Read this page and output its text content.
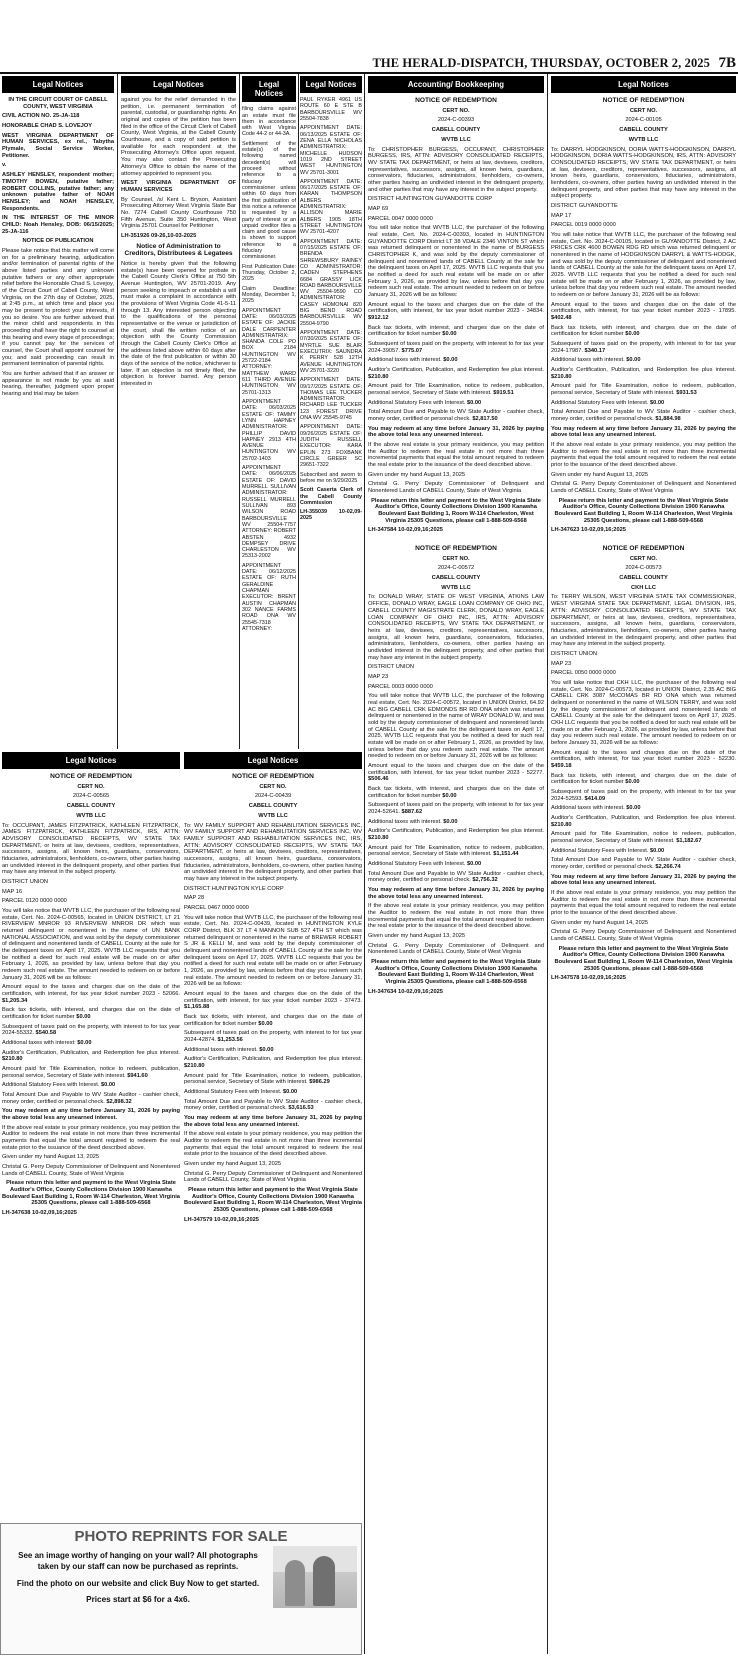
THE HERALD-DISPATCH, THURSDAY, OCTOBER 2, 2025 7B
Legal Notices
IN THE CIRCUIT COURT OF CABELL COUNTY, WEST VIRGINIA
CIVIL ACTION NO. 25-JA-118
HONORABLE CHAD S. LOVEJOY
WEST VIRGINIA DEPARTMENT OF HUMAN SERVICES, ex rel., Tabytha Plymale, Social Service Worker, Petitioner.
v.
ASHLEY HENSLEY, respondent mother; TIMOTHY BOWEN, putative father; ROBERT COLLINS, putative father; any unknown putative father of NOAH HENSLEY; and NOAH HENSLEY, Respondents.
IN THE INTEREST OF THE MINOR CHILD: Noah Hensley, DOB: 06/15/2025; 25-JA-116
NOTICE OF PUBLICATION
Please take notice that this matter will come on for a preliminary hearing, adjudication and/or termination of parental rights of the above listed parties and any unknown putative fathers or any other appropriate relief before the Honorable Chad S. Lovejoy, of the Circuit Court of Cabell County, West Virginia, on the 27th day of October, 2025, at 2:45 p.m., at which time and place you may be present to protect your interests, if you so desire. You are further advised that the minor child and respondents in this proceeding shall have the right to counsel at this hearing and every stage of proceedings; if you cannot pay for the services of counsel, the Court shall appoint counsel for you; and said proceeding can result in permanent termination of parental rights.
You are further advised that if an answer or appearance is not made by you at said hearing, thereafter, judgment upon proper hearing and trial may be taken
Legal Notices
against you for the relief demanded in the petition, i.e. permanent termination of parental, custodial, or guardianship rights. An original and copies of the petition has been filed in the office of the Circuit Clerk of Cabell County, West Virginia, at the Cabell County Courthouse, and a copy of said petition is available for each respondent at the Prosecuting Attorney's Office upon request. You may also contact the Prosecuting Attorney's Office to obtain the name of the attorney appointed to represent you.
WEST VIRGINIA DEPARTMENT OF HUMAN SERVICES
By Counsel, /s/ Kent L. Bryson, Assistant Prosecuting Attorney West Virginia State Bar No. 7274 Cabell County Courthouse 750 Fifth Avenue, Suite 350 Huntington, West Virginia 25701 Counsel for Petitioner
LH-351926 09-26,10-03-2025
Notice of Administration to Creditors, Distributees & Legatees
Notice is hereby given that the following estate(s) have been opened for probate in the Cabell County Clerk's Office at 750 5th Avenue Huntington, WV 25701-2019. Any person seeking to impeach or establish a will must make a complaint in accordance with the provisions of West Virginia Code 41-5-11 through 13. Any interested person objecting to the qualifications of the personal representative or the venue or jurisdiction of the court, shall file written notice of an objection with the County Commission through the Cabell County Clerk's Office at the address listed above within 60 days after the date of the first publication or within 30 days of the service of the notice, whichever is later. If an objection is not timely filed, the objection is forever barred. Any person interested in
Legal Notices
filing claims against an estate must file them in accordance with West Virginia Code 44-2 or 44-3A.
Settlement of the estate(s) of the following named decedent(s) will proceed without reference to a fiduciary commissioner unless within 60 days from the first publication of this notice a reference is requested by a party of interest or an unpaid creditor files a claim and good cause is shown to support reference to a fiduciary commissioner.
First Publication Date: Thursday, October 2, 2025
Claim Deadline: Monday, December 1, 2025
APPOINTMENT DATE: 06/03/2025 ESTATE OF: JACKIE DALE CARPENTER ADMINISTRATRIX: SHANDA COLE PO BOX 2184 HUNTINGTON WV 25722-2184 ATTORNEY: MATTHEW WARD 611 THIRD AVENUE HUNTINGTON WV 25701-1313
APPOINTMENT DATE: 06/03/2025 ESTATE OF: TAMMY LYNN HAPNEY ADMINISTRATOR: PHILLIP DAVID HAPNEY 2913 4TH AVENUE HUNTINGTON WV 25702-1403
APPOINTMENT DATE: 06/06/2025 ESTATE OF: DAVID MURRELL SULLIVAN ADMINISTRATOR: RUSSELL MURRELL SULLIVAN 893 WILSON ROAD BARBOURSVILLE WV 25504-7757 ATTORNEY: ROBERT ABSTEN 4932 DEMPSEY DRIVE CHARLESTON WV 25313-2002
APPOINTMENT DATE: 06/12/2025 ESTATE OF: RUTH GERALDINE CHAPMAN EXECUTOR: BRENT AUSTIN CHAPMAN 302 NANCE FARMS ROAD ONA WV 25545-7318 ATTORNEY:
Legal Notices
PAUL RYKER 4961 US ROUTE 60 E STE B BARBOURSVILLE WV 25504-7838
APPOINTMENT DATE: 06/13/2025 ESTATE OF: ZENA ELLA NICHOLAS ADMINISTRATRIX: MICHELLE HUDSON 1019 2ND STREET WEST HUNTINGTON WV 25701-3001
APPOINTMENT DATE: 06/17/2025 ESTATE OF: KARAN THOMPSON ALBERS ADMINISTRATRIX: ALLISON MARIE ALBERS 1905 18TH STREET HUNTINGTON WV 25701-4207
APPOINTMENT DATE: 07/15/2025 ESTATE OF: BRENDA SHREWSBURY RAINEY CO ADMINISTRATOR: CADEN STEPHENS 6684 GRASSY LICK ROAD BARBOURSVILLE WV 25504-9590 CO ADMINISTRATOR: CASEY HOMONAI 820 BIG BEND ROAD BARBOURSVILLE WV 25504-9790
APPOINTMENT DATE: 07/30/2025 ESTATE OF: MYRTLE SUE BLAIR EXECUTRIX: SAUNDRA K PERRY 528 12TH AVENUE HUNTINGTON WV 25701-3220
APPOINTMENT DATE: 09/17/2025 ESTATE OF: THOMAS LEE TUCKER ADMINISTRATOR: RICHARD LEE TUCKER 123 FOREST DRIVE ONA WV 25545-9745
APPOINTMENT DATE: 09/26/2025 ESTATE OF: JUDITH RUSSELL EXECUTOR: KARA EPLIN 273 FOXBANK CIRCLE GREER SC 29651-7322
Subscribed and sworn to before me on 9/29/2025
Scott Caserta Clerk of the Cabell County Commission
LH-355039 10-02,09-2025
Legal Notices
NOTICE OF REDEMPTION
CERT NO.
2024-C-00565
CABELL COUNTY
WVTB LLC
To: OCCUPANT, JAMES FITZPATRICK, KATHLEEN FITZPATRICK, JAMES FITZPATRICK, KATHLEEN FITZPATRICK, IRS, ATTN: ADVISORY CONSOLIDATED RECEIPTS, WV STATE TAX DEPARTMENT, or heirs at law, devisees, creditors, representatives, successors, assigns, all known heirs, guardians, conservators, fiduciaries, administrators, lienholders, co-owners, other parties having an undivided interest in the delinquent property, and other parties that may have any interest in the subject property.
DISTRICT UNION
MAP 16
PARCEL 0120 0000 0000
You will take notice that WVTB LLC, the purchaser of the following real estate, Cert. No. 2024-C-00565, located in UNION DISTRICT, LT 21 RIVERVIEW MNROR 93 RIVERVIEW MNROR DR which was returned delinquent or nonentered in the name of UN BANK NATIONAL ASSOCIATION, and was sold by the deputy commissioner of delinquent and nonentered lands of CABELL County at the sale for the delinquent taxes on April 17, 2025. WVTB LLC requests that you be notified a deed for such real estate will be made on or after February 1, 2026, as provided by law, unless before that day you redeem such real estate. The amount needed to redeem on or before January 31, 2026 will be as follows:
Amount equal to the taxes and charges due on the date of the certification, with interest, for tax year ticket number 2023 - 52066. $1,205.34
Back tax tickets, with interest, and charges due on the date of certification for ticket number $0.00
Subsequent of taxes paid on the property, with interest to for tax year 2024-55332. $540.58
Additional taxes with interest: $0.00
Auditor's Certification, Publication, and Redemption fee plus interest. $210.80
Amount paid for Title Examination, notice to redeem, publication, personal service, Secretary of State with interest. $941.60
Additional Statutory Fees with Interest. $0.00
Total Amount Due and Payable to WV State Auditor - cashier check, money order, certified or personal check. $2,898.32
You may redeem at any time before January 31, 2026 by paying the above total less any unearned interest.
If the above real estate is your primary residence, you may petition the Auditor to redeem the real estate in not more than three incremental payments that equal the total amount required to redeem the real estate prior to the issuance of the deed described above.
Given under my hand August 13, 2025
Christal G. Perry Deputy Commissioner of Delinquent and Nonentered Lands of CABELL County, State of West Virginia
Please return this letter and payment to the West Virginia State Auditor's Office, County Collections Division 1900 Kanawha Boulevard East Building 1, Room W-114 Charleston, West Virginia 25305 Questions, please call 1-888-509-6568
LH-347638 10-02,09,16;2025
Legal Notices
NOTICE OF REDEMPTION
CERT NO.
2024-C-00439
CABELL COUNTY
WVTB LLC
To: WV FAMILY SUPPORT AND REHABILITATION SERVICES INC, WV FAMILY SUPPORT AND REHABILITATION SERVICES INC, WV FAMILY SUPPORT AND REHABILITATION SERVICES INC, IRS, ATTN: ADVISORY CONSOLIDATED RECEIPTS, WV STATE TAX DEPARTMENT, or heirs at law, devisees, creditors, representatives, successors, assigns, all known heirs, guardians, conservators, fiduciaries, administrators, lienholders, co-owners, other parties having an undivided interest in the delinquent property, and other parties that may have any interest in the subject property.
DISTRICT HUNTINGTON KYLE CORP
MAP 28
PARCEL 0467 0000 0000
You will take notice that WVTB LLC, the purchaser of the following real estate, Cert. No. 2024-C-00439, located in HUNTINGTON KYLE CORP District, BLK 37 LT 4 MANNON SUB 527 4TH ST which was returned delinquent or nonentered in the name of BREWER ROBERT S JR & KELLI M, and was sold by the deputy commissioner of delinquent and nonentered lands of CABELL County at the sale for the delinquent taxes on April 17, 2025. WVTB LLC requests that you be notified a deed for such real estate will be made on or after February 1, 2026, as provided by law, unless before that day you redeem such real estate. The amount needed to redeem on or before January 31, 2026 will be as follows:
Amount equal to the taxes and charges due on the date of the certification, with interest, for tax year ticket number 2023 - 37473. $1,165.88
Back tax tickets, with interest, and charges due on the date of certification for ticket number $0.00
Subsequent of taxes paid on the property, with interest to for tax year 2024-42874. $1,253.56
Additional taxes with interest. $0.00
Auditor's Certification, Publication, and Redemption fee plus interest. $210.80
Amount paid for Title Examination, notice to redeem, publication, personal service, Secretary of State with interest. $986.29
Additional Statutory Fees with Interest. $0.00
Total Amount Due and Payable to WV State Auditor - cashier check, money order, certified or personal check. $3,616.53
You may redeem at any time before January 31, 2026 by paying the above total less any unearned interest.
If the above real estate is your primary residence, you may petition the Auditor to redeem the real estate in not more than three incremental payments that equal the total amount required to redeem the real estate prior to the issuance of the deed described above.
Given under my hand August 13, 2025
Christal G. Perry Deputy Commissioner of Delinquent and Nonentered Lands of CABELL County, State of West Virginia
Please return this letter and payment to the West Virginia State Auditor's Office, County Collections Division 1900 Kanawha Boulevard East Building 1, Room W-114 Charleston, West Virginia 25305 Questions, please call 1-888-509-6568
LH-347579 10-02,09,16;2025
PHOTO REPRINTS FOR SALE
See an image worthy of hanging on your wall? All photographs taken by our staff can now be purchased as reprints.
Find the photo on our website and click Buy Now to get started.
Prices start at $6 for a 4x6.
Accounting/ Bookkeeping
NOTICE OF REDEMPTION
CERT NO.
2024-C-00393
CABELL COUNTY
WVTB LLC
To: CHRISTOPHER BURGESS, OCCUPANT, CHRISTOPHER BURGESS, IRS, ATTN: ADVISORY CONSOLIDATED RECEIPTS, WV STATE TAX DEPARTMENT, or heirs at law, devisees, creditors, representatives, successors, assigns, all known heirs, guardians, conservators, fiduciaries, administrators, lienholders, co-owners, other parties having an undivided interest in the delinquent property, and other parties that may have any interest in the subject property.
DISTRICT HUNTINGTON GUYANDOTTE CORP
MAP 69
PARCEL 0047 0000 0000
You will take notice that WVTB LLC, the purchaser of the following real estate, Cert. No. 2024-C-00393, located in HUNTINGTON GUYANDOTTE CORP District LT 38 VDALE 2346 VINTON ST which was returned delinquent or nonentered in the name of BURGESS CHRISTOPHER K, and was sold by the deputy commissioner of delinquent and nonentered lands of CABELL County at the sale for the delinquent taxes on April 17, 2025. WVTB LLC requests that you be notified a deed for such real estate will be made on or after February 1, 2026, as provided by law, unless before that day you redeem such real estate. The amount needed to redeem on or before January 31, 2026 will be as follows:
Amount equal to the taxes and charges due on the date of the certification, with interest, for tax year ticket number 2023 - 34834. $912.12
Back tax tickets, with interest, and charges due on the date of certification for ticket number $0.00
Subsequent of taxes paid on the property, with interest to for tax year 2024-39057. $775.07
Additional taxes with interest. $0.00
Auditor's Certification, Publication, and Redemption fee plus interest. $210.80
Amount paid for Title Examination, notice to redeem, publication, personal service, Secretary of State with interest. $919.51
Additional Statutory Fees with Interest. $0.00
Total Amount Due and Payable to WV State Auditor - cashier check, money order, certified or personal check. $2,817.50
You may redeem at any time before January 31, 2026 by paying the above total less any unearned interest.
If the above real estate is your primary residence, you may petition the Auditor to redeem the real estate in not more than three incremental payments that equal the total amount required to redeem the real estate prior to the issuance of the deed described above.
Given under my hand August 13, 2025
Christal G. Perry Deputy Commissioner of Delinquent and Nonentered Lands of CABELL County, State of West Virginia
Please return this letter and payment to the West Virginia State Auditor's Office, County Collections Division 1900 Kanawha Boulevard East Building 1, Room W-114 Charleston, West Virginia 25305 Questions, please call 1-888-509-6568
LH-347584 10-02,09,16;2025
NOTICE OF REDEMPTION
CERT NO.
2024-C-00572
CABELL COUNTY
WVTB LLC
To: DONALD WRAY, STATE OF WEST VIRGINIA, ATKINS LAW OFFICE, DONALD WRAY, EAGLE LOAN COMPANY OF OHIO INC, CABELL COUNTY MAGISTRATE CLERK, DONALD WRAY, EAGLE LOAN COMPANY OF OHIO INC, IRS, ATTN: ADVISORY CONSOLIDATED RECEIPTS, WV STATE TAX DEPARTMENT, or heirs at law, devisees, creditors, representatives, successors, assigns, all known heirs, guardians, conservators, fiduciaries, administrators, lienholders, co-owners, other parties having an undivided interest in the delinquent property, and other parties that may have any interest in the subject property.
DISTRICT UNION
MAP 23
PARCEL 0003 0000 0000
You will take notice that WVTB LLC, the purchaser of the following real estate, Cert. No. 2024-C-00572, located in UNION District, 64.92 AC BIG CABELL CRK EDMONDS BR RD ONA which was returned delinquent or nonentered in the name of WRAY DONALD W, and was sold by the deputy commissioner of delinquent and nonentered lands of CABELL County at the sale for the delinquent taxes on April 17, 2025. WVTB LLC requests that you be notified a deed for such real estate will be made on or after February 1, 2026, as provided by law, unless before that day you redeem such real estate. The amount needed to redeem on or before January 31, 2026 will be as follows:
Amount equal to the taxes and charges due on the date of the certification, with interest, for tax year ticket number 2023 - 52277. $506.46
Back tax tickets, with interest, and charges due on the date of certification for ticket number $0.00
Subsequent of taxes paid on the property, with interest to for tax year 2024-52641. $887.62
Additional taxes with interest. $0.00
Auditor's Certification, Publication, and Redemption fee plus interest. $210.80
Amount paid for Title Examination, notice to redeem, publication, personal service, Secretary of State with interest. $1,151.44
Additional Statutory Fees with Interest. $0.00
Total Amount Due and Payable to WV State Auditor - cashier check, money order, certified or personal check. $2,756.32
You may redeem at any time before January 31, 2026 by paying the above total less any unearned interest.
If the above real estate is your primary residence, you may petition the Auditor to redeem the real estate in not more than three incremental payments that equal the total amount required to redeem the real estate prior to the issuance of the deed described above.
Given under my hand August 13, 2025
Christal G. Perry Deputy Commissioner of Delinquent and Nonentered Lands of CABELL County, State of West Virginia
Please return this letter and payment to the West Virginia State Auditor's Office, County Collections Division 1900 Kanawha Boulevard East Building 1, Room W-114 Charleston, West Virginia 25305 Questions, please call 1-888-509-6568
LH-347634 10-02,09,16;2025
Legal Notices
NOTICE OF REDEMPTION
CERT NO.
2024-C-00105
CABELL COUNTY
WVTB LLC
To: DARRYL HODGKINSON, DORIA WATTS-HODGKINSON, DARRYL HODGKINSON, DORIA WATTS-HODGKINSON, IRS, ATTN: ADVISORY CONSOLIDATED RECEIPTS, WV STATE TAX DEPARTMENT, or heirs at law, devisees, creditors, representatives, successors, assigns, all known heirs, guardians, conservators, fiduciaries, administrators, lienholders, co-owners, other parties having an undivided interest in the delinquent property, and other parties that may have any interest in the subject property.
DISTRICT GUYANDOTTE
MAP 17
PARCEL 0019 0000 0000
You will take notice that WVTB LLC, the purchaser of the following real estate, Cert. No. 2024-C-00105, located in GUYANDOTTE District, 2 AC PRICES CRK 4600 BOWEN RDG RD which was returned delinquent or nonentered in the name of HODGKINSON DARRYL & WATTS-HODGK, and was sold by the deputy commissioner of delinquent and nonentered lands of CABELL County at the sale for the delinquent taxes on April 17, 2025. WVTB LLC requests that you be notified a deed for such real estate will be made on or after February 1, 2026, as provided by law, unless before that day you redeem such real estate. The amount needed to redeem on or before January 31, 2026 will be as follows:
Amount equal to the taxes and charges due on the date of the certification, with interest, for tax year ticket number 2023 - 17895. $402.48
Back tax tickets, with interest, and charges due on the date of certification for ticket number $0.00
Subsequent of taxes paid on the property, with interest to for tax year 2024-17987. $340.17
Additional taxes with interest. $0.00
Auditor's Certification, Publication, and Redemption fee plus interest. $210.80
Amount paid for Title Examination, notice to redeem, publication, personal service, Secretary of State with interest. $931.53
Additional Statutory Fees with Interest. $0.00
Total Amount Due and Payable to WV State Auditor - cashier check, money order, certified or personal check. $1,884.98
You may redeem at any time before January 31, 2026 by paying the above total less any unearned interest.
If the above real estate is your primary residence, you may petition the Auditor to redeem the real estate in not more than three incremental payments that equal the total amount required to redeem the real estate prior to the issuance of the deed described above.
Given under my hand August 13, 2025
Christal G. Perry Deputy Commissioner of Delinquent and Nonentered Lands of CABELL County, State of West Virginia
Please return this letter and payment to the West Virginia State Auditor's Office, County Collections Division 1900 Kanawha Boulevard East Building 1, Room W-114 Charleston, West Virginia 25305 Questions, please call 1-888-509-6568
LH-347623 10-02,09,16;2025
NOTICE OF REDEMPTION
CERT NO.
2024-C-00573
CABELL COUNTY
CKH LLC
To: TERRY WILSON, WEST VIRGINIA STATE TAX COMMISSIONER, WEST VIRGINIA STATE TAX DEPARTMENT, LEGAL DIVISION, IRS, ATTN: ADVISORY CONSOLIDATED RECEIPTS, WV STATE TAX DEPARTMENT, or heirs at law, devisees, creditors, representatives, successors, assigns, all known heirs, guardians, conservators, fiduciaries, administrators, lienholders, co-owners, other parties having an undivided interest in the delinquent property, and other parties that may have any interest in the subject property.
DISTRICT UNION
MAP 23
PARCEL 0050 0000 0000
You will take notice that CKH LLC, the purchaser of the following real estate, Cert. No. 2024-C-00573, located in UNION District, 2.35 AC BIG CABELL CRK 3087 McCOMAS BR RD ONA which was returned delinquent or nonentered in the name of WILSON TERRY, and was sold by the deputy commissioner of delinquent and nonentered lands of CABELL County at the sale for the delinquent taxes on April 17, 2025. CKH LLC requests that you be notified a deed for such real estate will be made on or after February 1, 2026, as provided by law, unless before that day you redeem such real estate. The amount needed to redeem on or before January 31, 2026 will be as follows:
Amount equal to the taxes and charges due on the date of the certification, with interest, for tax year ticket number 2023 - 52230. $459.18
Back tax tickets, with interest, and charges due on the date of certification for ticket number $0.00
Subsequent of taxes paid on the property, with interest to for tax year 2024-52593. $414.09
Additional taxes with interest. $0.00
Auditor's Certification, Publication, and Redemption fee plus interest. $210.80
Amount paid for Title Examination, notice to redeem, publication, personal service, Secretary of State with interest. $1,182.67
Additional Statutory Fees with Interest. $0.00
Total Amount Due and Payable to WV State Auditor - cashier check, money order, certified or personal check. $2,266.74
You may redeem at any time before January 31, 2026 by paying the above total less any unearned interest.
If the above real estate is your primary residence, you may petition the Auditor to redeem the real estate in not more than three incremental payments that equal the total amount required to redeem the real estate prior to the issuance of the deed described above.
Given under my hand August 14, 2025
Christal G. Perry Deputy Commissioner of Delinquent and Nonentered Lands of CABELL County, State of West Virginia
Please return this letter and payment to the West Virginia State Auditor's Office, County Collections Division 1900 Kanawha Boulevard East Building 1, Room W-114 Charleston, West Virginia 25305 Questions, please call 1-888-509-6568
LH-347578 10-02,09,16;2025
